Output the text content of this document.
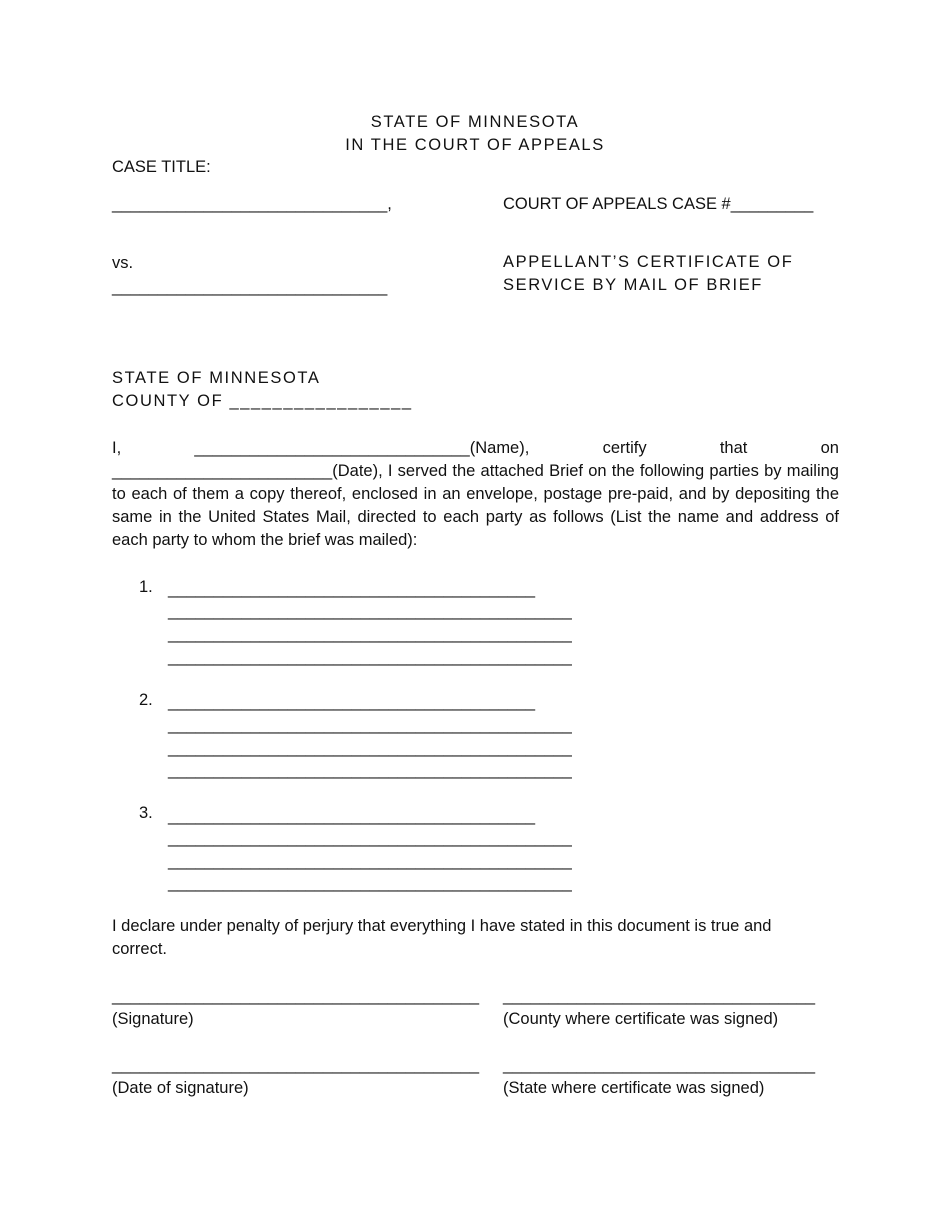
STATE OF MINNESOTA
IN THE COURT OF APPEALS
CASE TITLE:
______________________________,	COURT OF APPEALS CASE #_________
vs.
______________________________
APPELLANT’S CERTIFICATE OF
SERVICE BY MAIL OF BRIEF
STATE OF MINNESOTA
COUNTY OF _________________
I, ______________________________(Name), certify that on ________________________(Date), I served the attached Brief on the following parties by mailing to each of them a copy thereof, enclosed in an envelope, postage pre-paid, and by depositing the same in the United States Mail, directed to each party as follows (List the name and address of each party to whom the brief was mailed):
1. ________________________________________
____________________________________________
____________________________________________
____________________________________________
2. ________________________________________
____________________________________________
____________________________________________
____________________________________________
3. ________________________________________
____________________________________________
____________________________________________
____________________________________________
I declare under penalty of perjury that everything I have stated in this document is true and correct.
________________________________________
(Signature)
__________________________________
(County where certificate was signed)
________________________________________
(Date of signature)
__________________________________
(State where certificate was signed)
